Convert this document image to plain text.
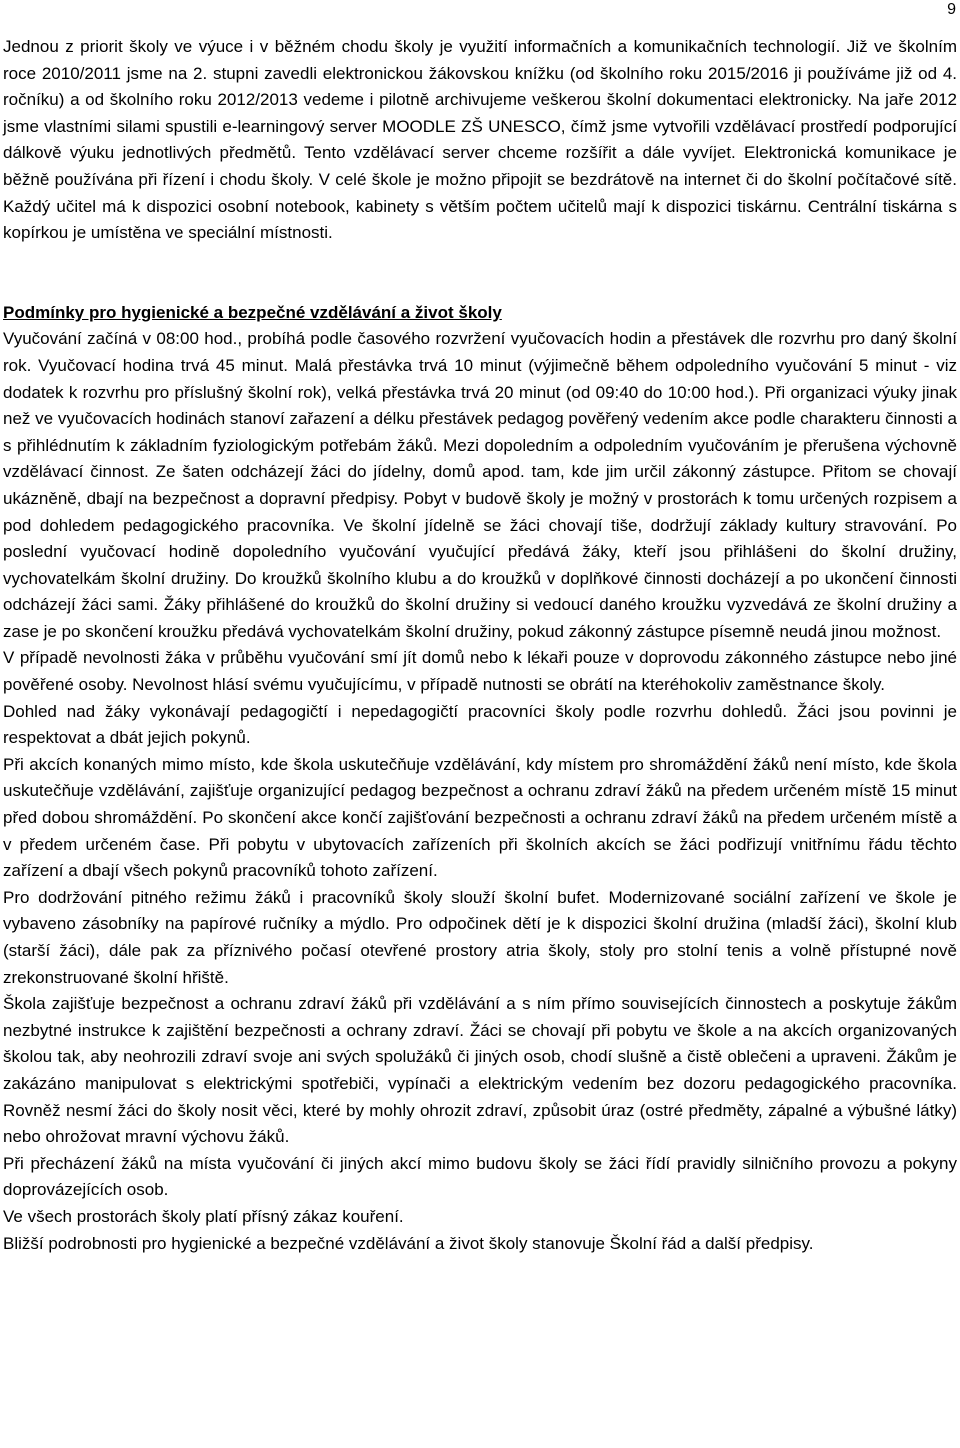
9

Jednou z priorit školy ve výuce i v běžném chodu školy je využití informačních a komunikačních technologií. Již ve školním roce 2010/2011 jsme na 2. stupni zavedli elektronickou žákovskou knížku (od školního roku 2015/2016 ji používáme již od 4. ročníku) a od školního roku 2012/2013 vedeme i pilotně archivujeme veškerou školní dokumentaci elektronicky. Na jaře 2012 jsme vlastními silami spustili e-learningový server MOODLE ZŠ UNESCO, čímž jsme vytvořili vzdělávací prostředí podporující dálkově výuku jednotlivých předmětů. Tento vzdělávací server chceme rozšířit a dále vyvíjet. Elektronická komunikace je běžně používána při řízení i chodu školy. V celé škole je možno připojit se bezdrátově na internet či do školní počítačové sítě. Každý učitel má k dispozici osobní notebook, kabinety s větším počtem učitelů mají k dispozici tiskárnu. Centrální tiskárna s kopírkou je umístěna ve speciální místnosti.

Podmínky pro hygienické a bezpečné vzdělávání a život školy

Vyučování začíná v 08:00 hod., probíhá podle časového rozvržení vyučovacích hodin a přestávek dle rozvrhu pro daný školní rok. Vyučovací hodina trvá 45 minut. Malá přestávka trvá 10 minut (výjimečně během odpoledního vyučování 5 minut - viz dodatek k rozvrhu pro příslušný školní rok), velká přestávka trvá 20 minut (od 09:40 do 10:00 hod.). Při organizaci výuky jinak než ve vyučovacích hodinách stanoví zařazení a délku přestávek pedagog pověřený vedením akce podle charakteru činnosti a s přihlédnutím k základním fyziologickým potřebám žáků. Mezi dopoledním a odpoledním vyučováním je přerušena výchovně vzdělávací činnost. Ze šaten odcházejí žáci do jídelny, domů apod. tam, kde jim určil zákonný zástupce. Přitom se chovají ukázněně, dbají na bezpečnost a dopravní předpisy. Pobyt v budově školy je možný v prostorách k tomu určených rozpisem a pod dohledem pedagogického pracovníka. Ve školní jídelně se žáci chovají tiše, dodržují základy kultury stravování. Po poslední vyučovací hodině dopoledního vyučování vyučující předává žáky, kteří jsou přihlášeni do školní družiny, vychovatelkám školní družiny. Do kroužků školního klubu a do kroužků v doplňkové činnosti docházejí a po ukončení činnosti odcházejí žáci sami. Žáky přihlášené do kroužků do školní družiny si vedoucí daného kroužku vyzvedává ze školní družiny a zase je po skončení kroužku předává vychovatelkám školní družiny, pokud zákonný zástupce písemně neudá jinou možnost.

V případě nevolnosti žáka v průběhu vyučování smí jít domů nebo k lékaři pouze v doprovodu zákonného zástupce nebo jiné pověřené osoby. Nevolnost hlásí svému vyučujícímu, v případě nutnosti se obrátí na kteréhokoliv zaměstnance školy.

Dohled nad žáky vykonávají pedagogičtí i nepedagogičtí pracovníci školy podle rozvrhu dohledů. Žáci jsou povinni je respektovat a dbát jejich pokynů.

Při akcích konaných mimo místo, kde škola uskutečňuje vzdělávání, kdy místem pro shromáždění žáků není místo, kde škola uskutečňuje vzdělávání, zajišťuje organizující pedagog bezpečnost a ochranu zdraví žáků na předem určeném místě 15 minut před dobou shromáždění. Po skončení akce končí zajišťování bezpečnosti a ochranu zdraví žáků na předem určeném místě a v předem určeném čase. Při pobytu v ubytovacích zařízeních při školních akcích se žáci podřizují vnitřnímu řádu těchto zařízení a dbají všech pokynů pracovníků tohoto zařízení.

Pro dodržování pitného režimu žáků i pracovníků školy slouží školní bufet. Modernizované sociální zařízení ve škole je vybaveno zásobníky na papírové ručníky a mýdlo. Pro odpočinek dětí je k dispozici školní družina (mladší žáci), školní klub (starší žáci), dále pak za příznivého počasí otevřené prostory atria školy, stoly pro stolní tenis a volně přístupné nově zrekonstruované školní hřiště.

Škola zajišťuje bezpečnost a ochranu zdraví žáků při vzdělávání a s ním přímo souvisejících činnostech a poskytuje žákům nezbytné instrukce k zajištění bezpečnosti a ochrany zdraví. Žáci se chovají při pobytu ve škole a na akcích organizovaných školou tak, aby neohrozili zdraví svoje ani svých spolužáků či jiných osob, chodí slušně a čistě oblečeni a upraveni. Žákům je zakázáno manipulovat s elektrickými spotřebiči, vypínači a elektrickým vedením bez dozoru pedagogického pracovníka. Rovněž nesmí žáci do školy nosit věci, které by mohly ohrozit zdraví, způsobit úraz (ostré předměty, zápalné a výbušné látky) nebo ohrožovat mravní výchovu žáků.

Při přecházení žáků na místa vyučování či jiných akcí mimo budovu školy se žáci řídí pravidly silničního provozu a pokyny doprovázejících osob.

Ve všech prostorách školy platí přísný zákaz kouření.

Bližší podrobnosti pro hygienické a bezpečné vzdělávání a život školy stanovuje Školní řád a další předpisy.
